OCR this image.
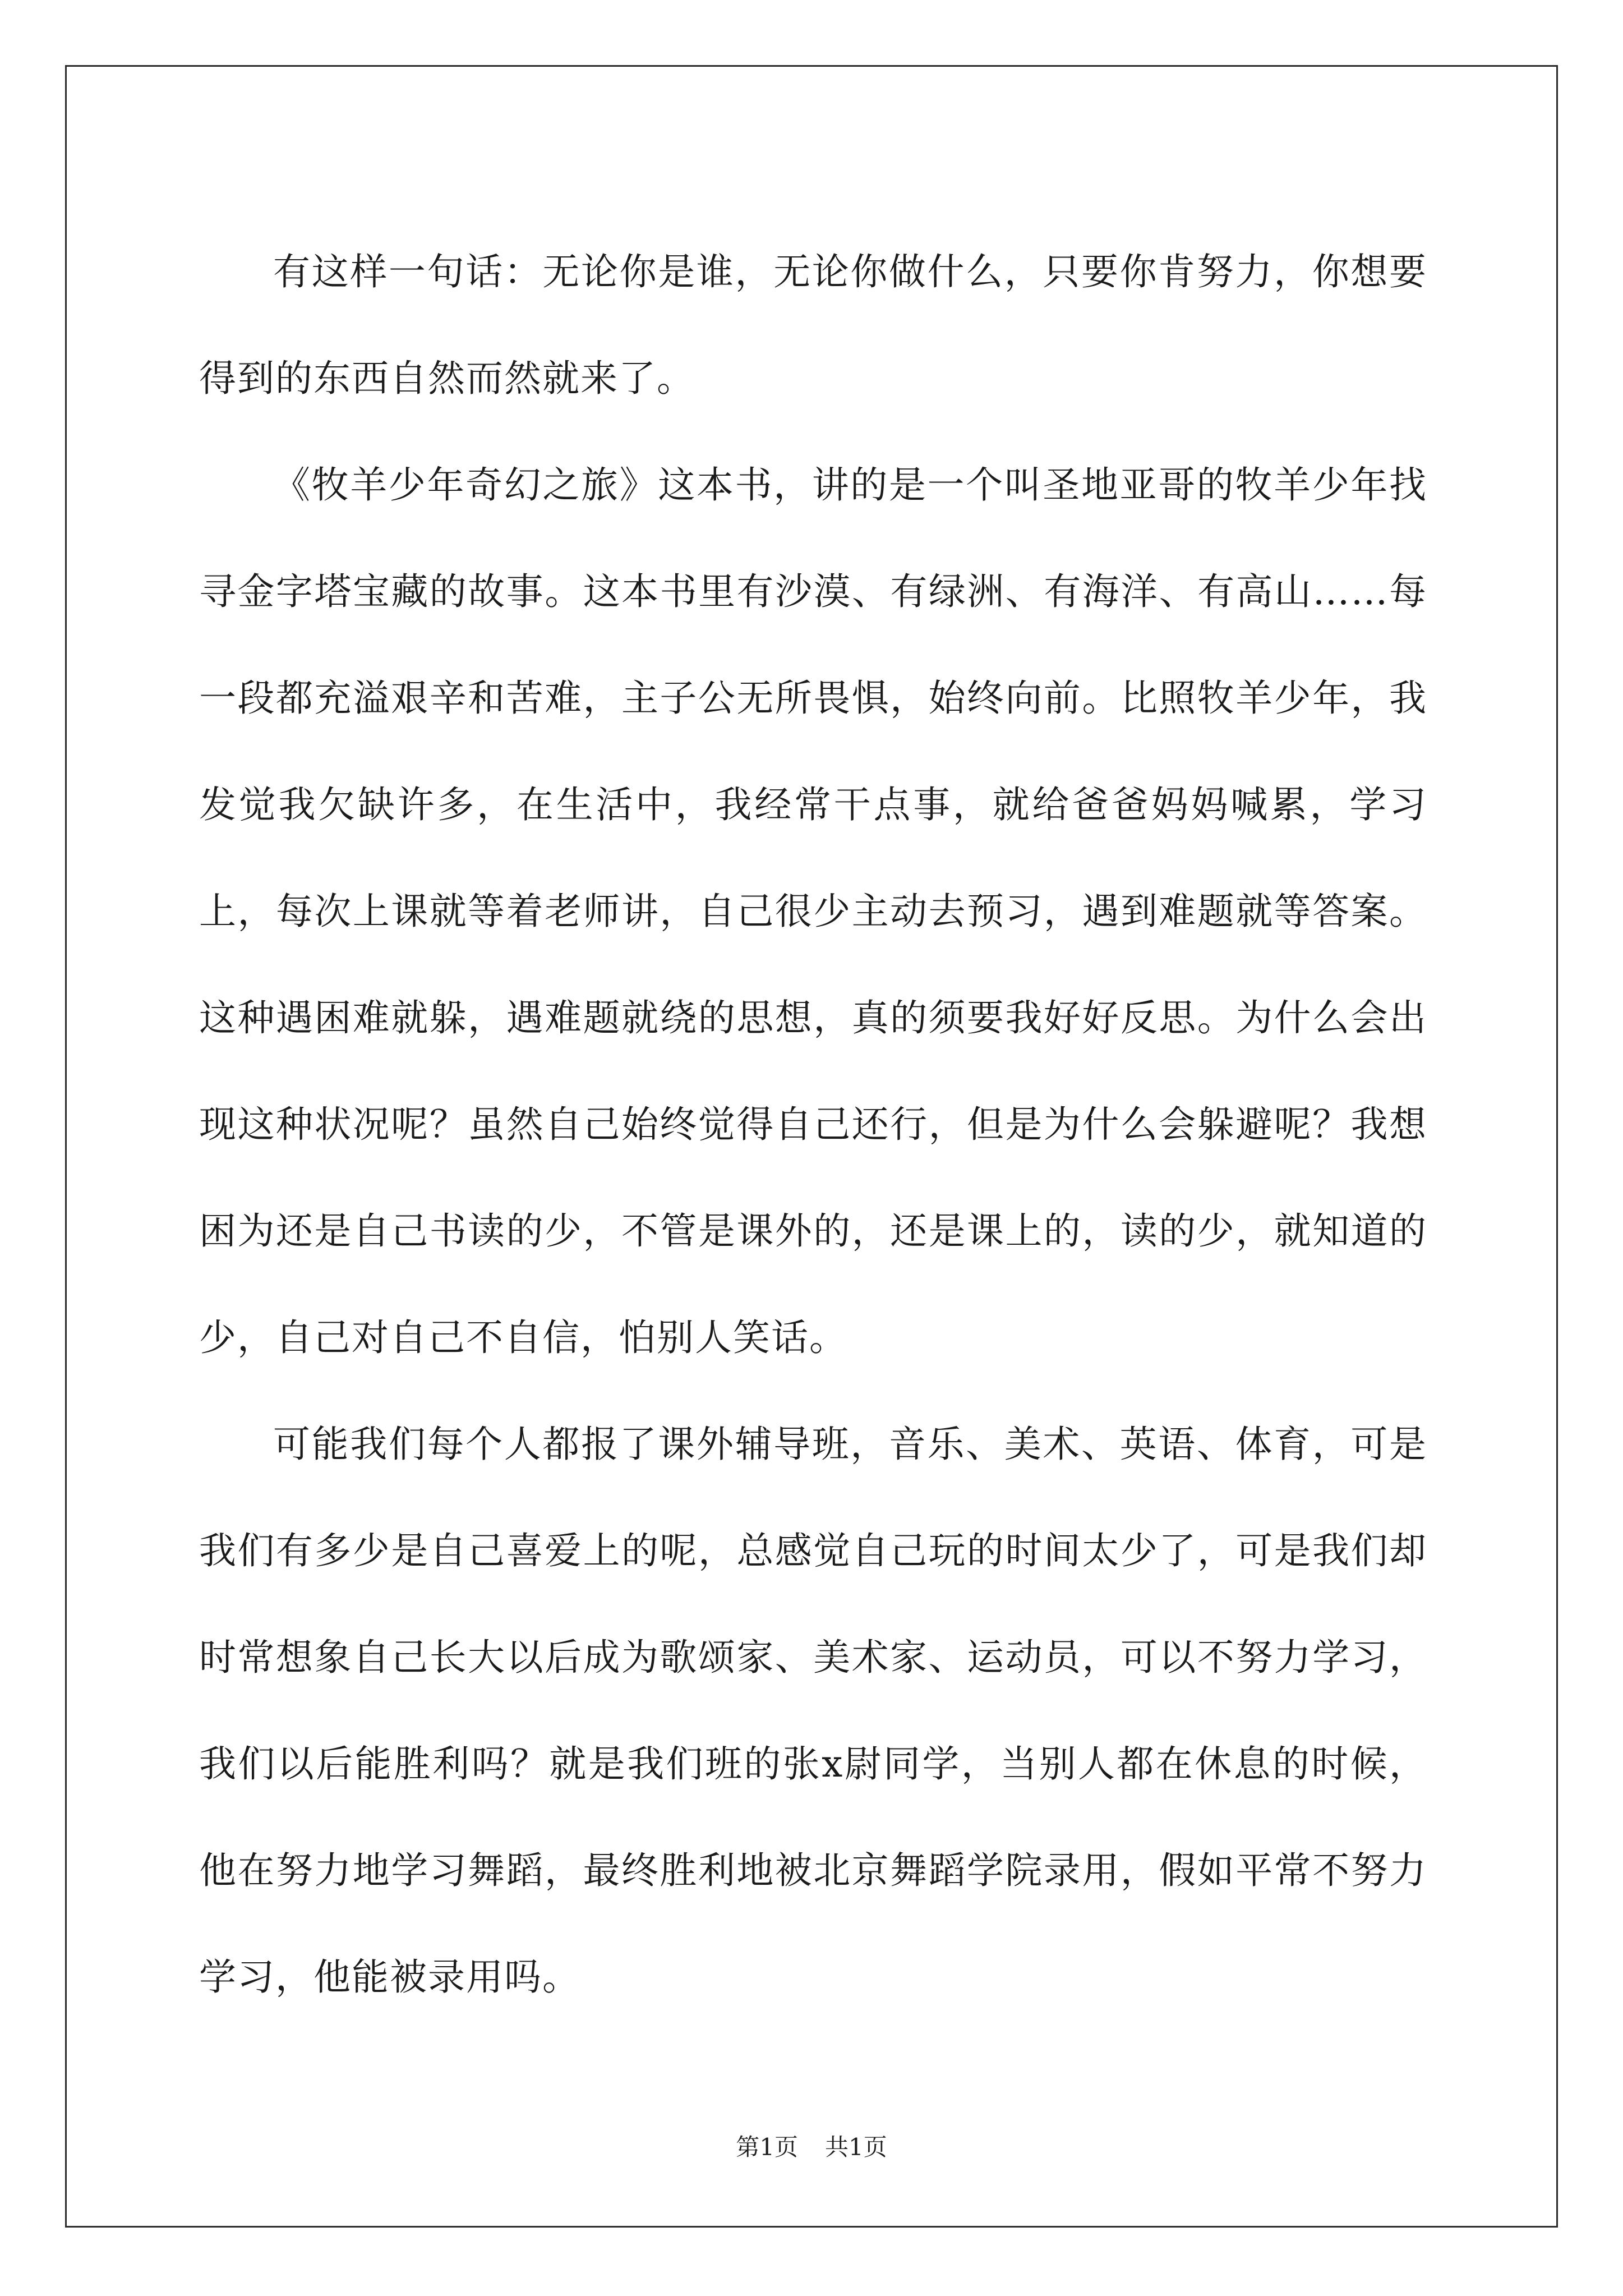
有这样一句话：无论你是谁，无论你做什么，只要你肯努力，你想要得到的东西自然而然就来了。

《牧羊少年奇幻之旅》这本书，讲的是一个叫圣地亚哥的牧羊少年找寻金字塔宝藏的故事。这本书里有沙漠、有绿洲、有海洋、有高山……每一段都充溢艰辛和苦难，主子公无所畏惧，始终向前。比照牧羊少年，我发觉我欠缺许多，在生活中，我经常干点事，就给爸爸妈妈喊累，学习上，每次上课就等着老师讲，自己很少主动去预习，遇到难题就等答案。这种遇困难就躲，遇难题就绕的思想，真的须要我好好反思。为什么会出现这种状况呢？虽然自己始终觉得自己还行，但是为什么会躲避呢？我想困为还是自己书读的少，不管是课外的，还是课上的，读的少，就知道的少，自己对自己不自信，怕别人笑话。

可能我们每个人都报了课外辅导班，音乐、美术、英语、体育，可是我们有多少是自己喜爱上的呢，总感觉自己玩的时间太少了，可是我们却时常想象自己长大以后成为歌颂家、美术家、运动员，可以不努力学习，我们以后能胜利吗？就是我们班的张x尉同学，当别人都在休息的时候，他在努力地学习舞蹈，最终胜利地被北京舞蹈学院录用，假如平常不努力学习，他能被录用吗。

第1页 共1页
